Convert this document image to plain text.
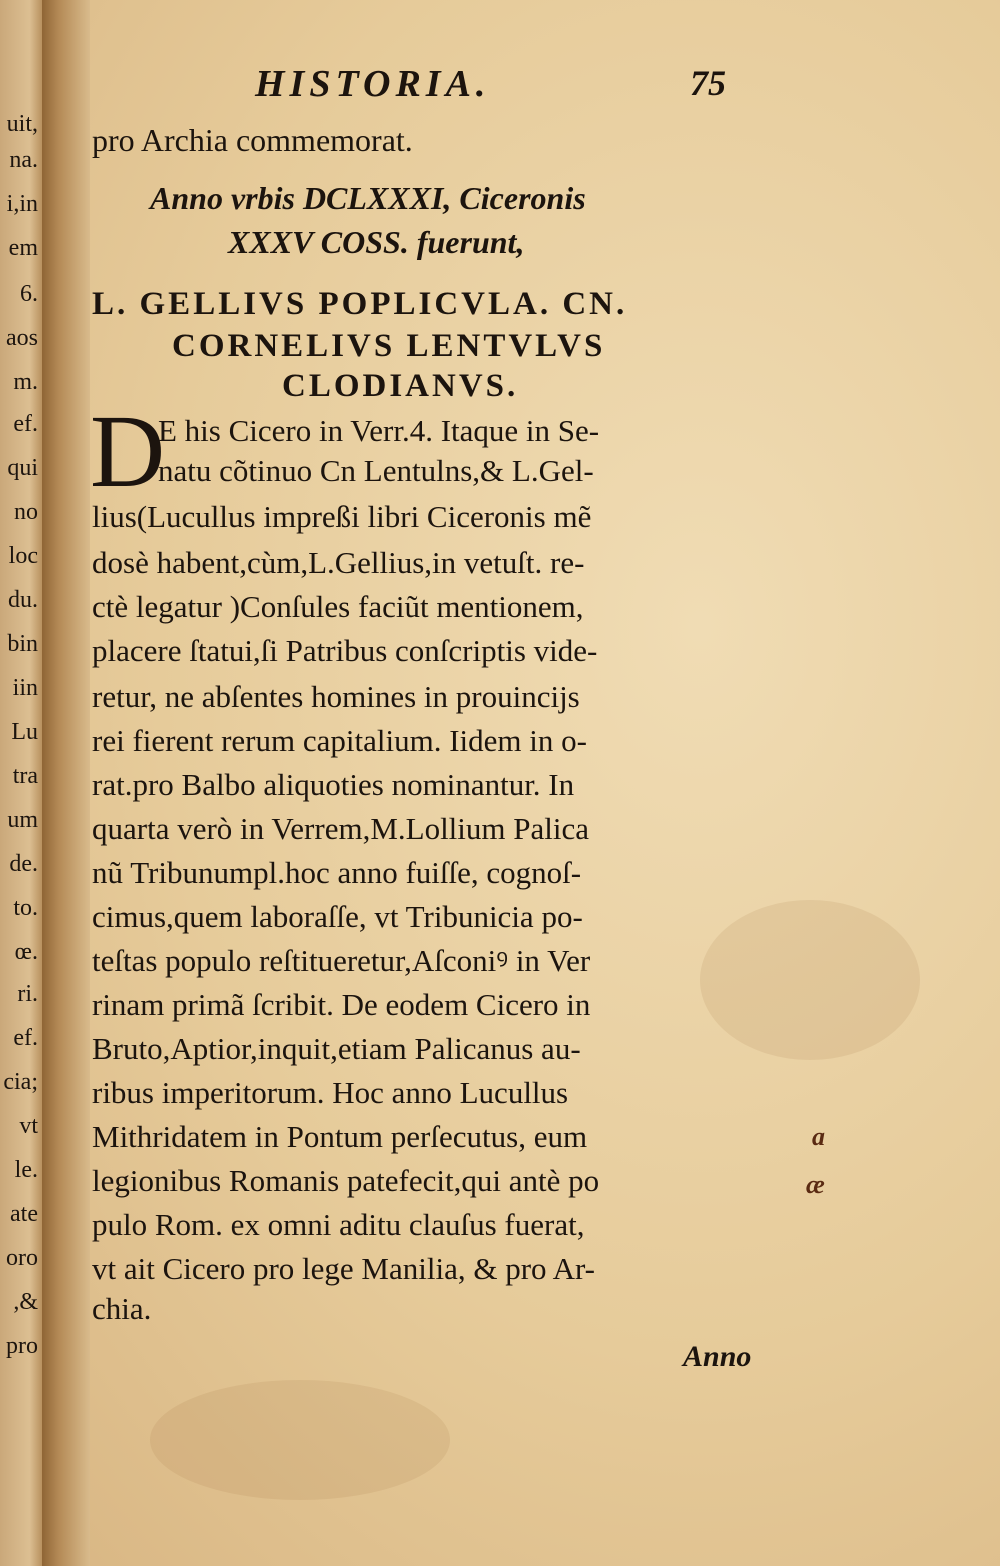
uit,
na.
i,in
em
6.
aos
m.
ef.
qui
no
loc
du.
bin
iin
Lu
tra
um
de.
to.
œ.
ri.
ef.
cia;
vt
le.
ate
oro
,&
pro
HISTORIA.	75
pro Archia commemorat.
Anno vrbis DCLXXXI, Ciceronis
XXXV COSS. fuerunt,
L. GELLIVS POPLICVLA. CN.
CORNELIVS LENTVLVS
CLODIANVS.
D
E his Cicero in Verr.4. Itaque in Se-
natu cõtinuo Cn Lentulns,& L.Gel-
lius(Lucullus impreßi libri Ciceronis mẽ
dosè habent,cùm,L.Gellius,in vetuſt. re-
ctè legatur )Conſules faciũt mentionem,
placere ſtatui,ſi Patribus conſcriptis vide-
retur, ne abſentes homines in prouincijs
rei fierent rerum capitalium. Iidem in o-
rat.pro Balbo aliquoties nominantur. In
quarta verò in Verrem,M.Lollium Palica
nũ Tribunumpl.hoc anno fuiſſe, cognoſ-
cimus,quem laboraſſe, vt Tribunicia po-
teſtas populo reſtitueretur,Aſconiꝰ in Ver
rinam primã ſcribit. De eodem Cicero in
Bruto,Aptior,inquit,etiam Palicanus au-
ribus imperitorum. Hoc anno Lucullus
Mithridatem in Pontum perſecutus, eum
legionibus Romanis patefecit,qui antè po
pulo Rom. ex omni aditu clauſus fuerat,
vt ait Cicero pro lege Manilia, & pro Ar-
chia.
a
æ
Anno
